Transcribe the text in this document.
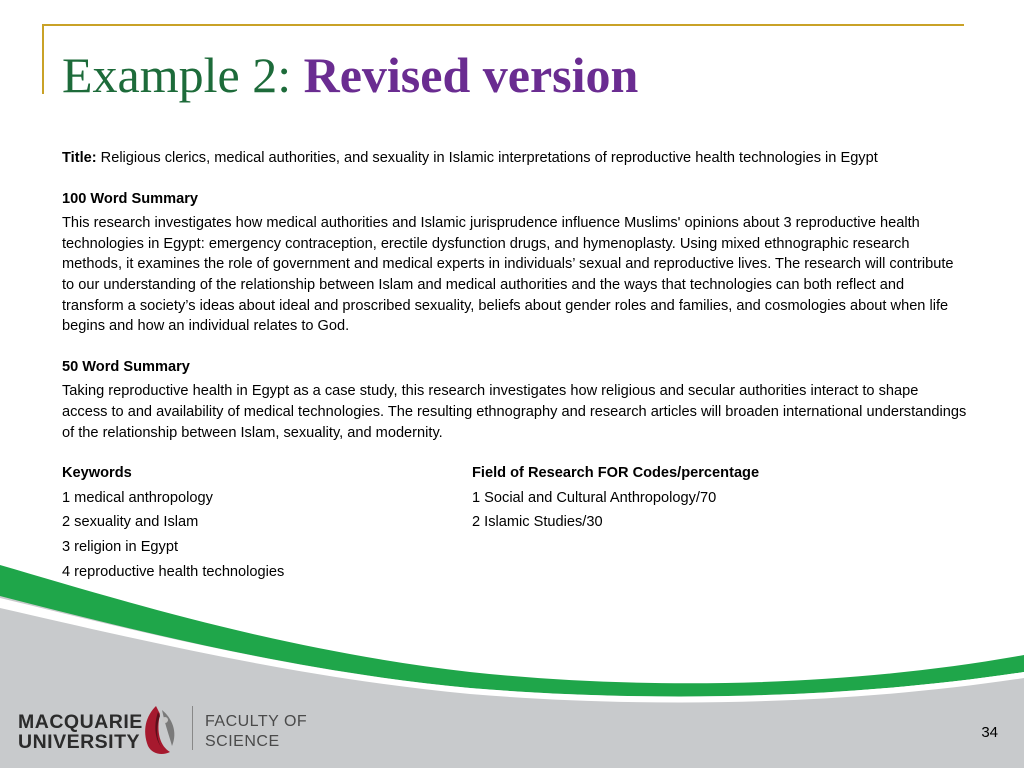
Example 2: Revised version

Title: Religious clerics, medical authorities, and sexuality in Islamic interpretations of reproductive health technologies in Egypt

100 Word Summary

This research investigates how medical authorities and Islamic jurisprudence influence Muslims' opinions about 3 reproductive health technologies in Egypt: emergency contraception, erectile dysfunction drugs, and hymenoplasty. Using mixed ethnographic research methods, it examines the role of government and medical experts in individuals’ sexual and reproductive lives. The research will contribute to our understanding of the relationship between Islam and medical authorities and the ways that technologies can both reflect and transform a society’s ideas about ideal and proscribed sexuality, beliefs about gender roles and families, and cosmologies about when life begins and how an individual relates to God.

50 Word Summary

Taking reproductive health in Egypt as a case study, this research investigates how religious and secular authorities interact to shape access to and availability of medical technologies. The resulting ethnography and research articles will broaden international understandings of the relationship between Islam, sexuality, and modernity.

Keywords

1 medical anthropology

2 sexuality and Islam

3 religion in Egypt

4 reproductive health technologies

Field of Research FOR Codes/percentage

1 Social and Cultural Anthropology/70

2 Islamic Studies/30

MACQUARIE
UNIVERSITY
FACULTY OF
SCIENCE
34
